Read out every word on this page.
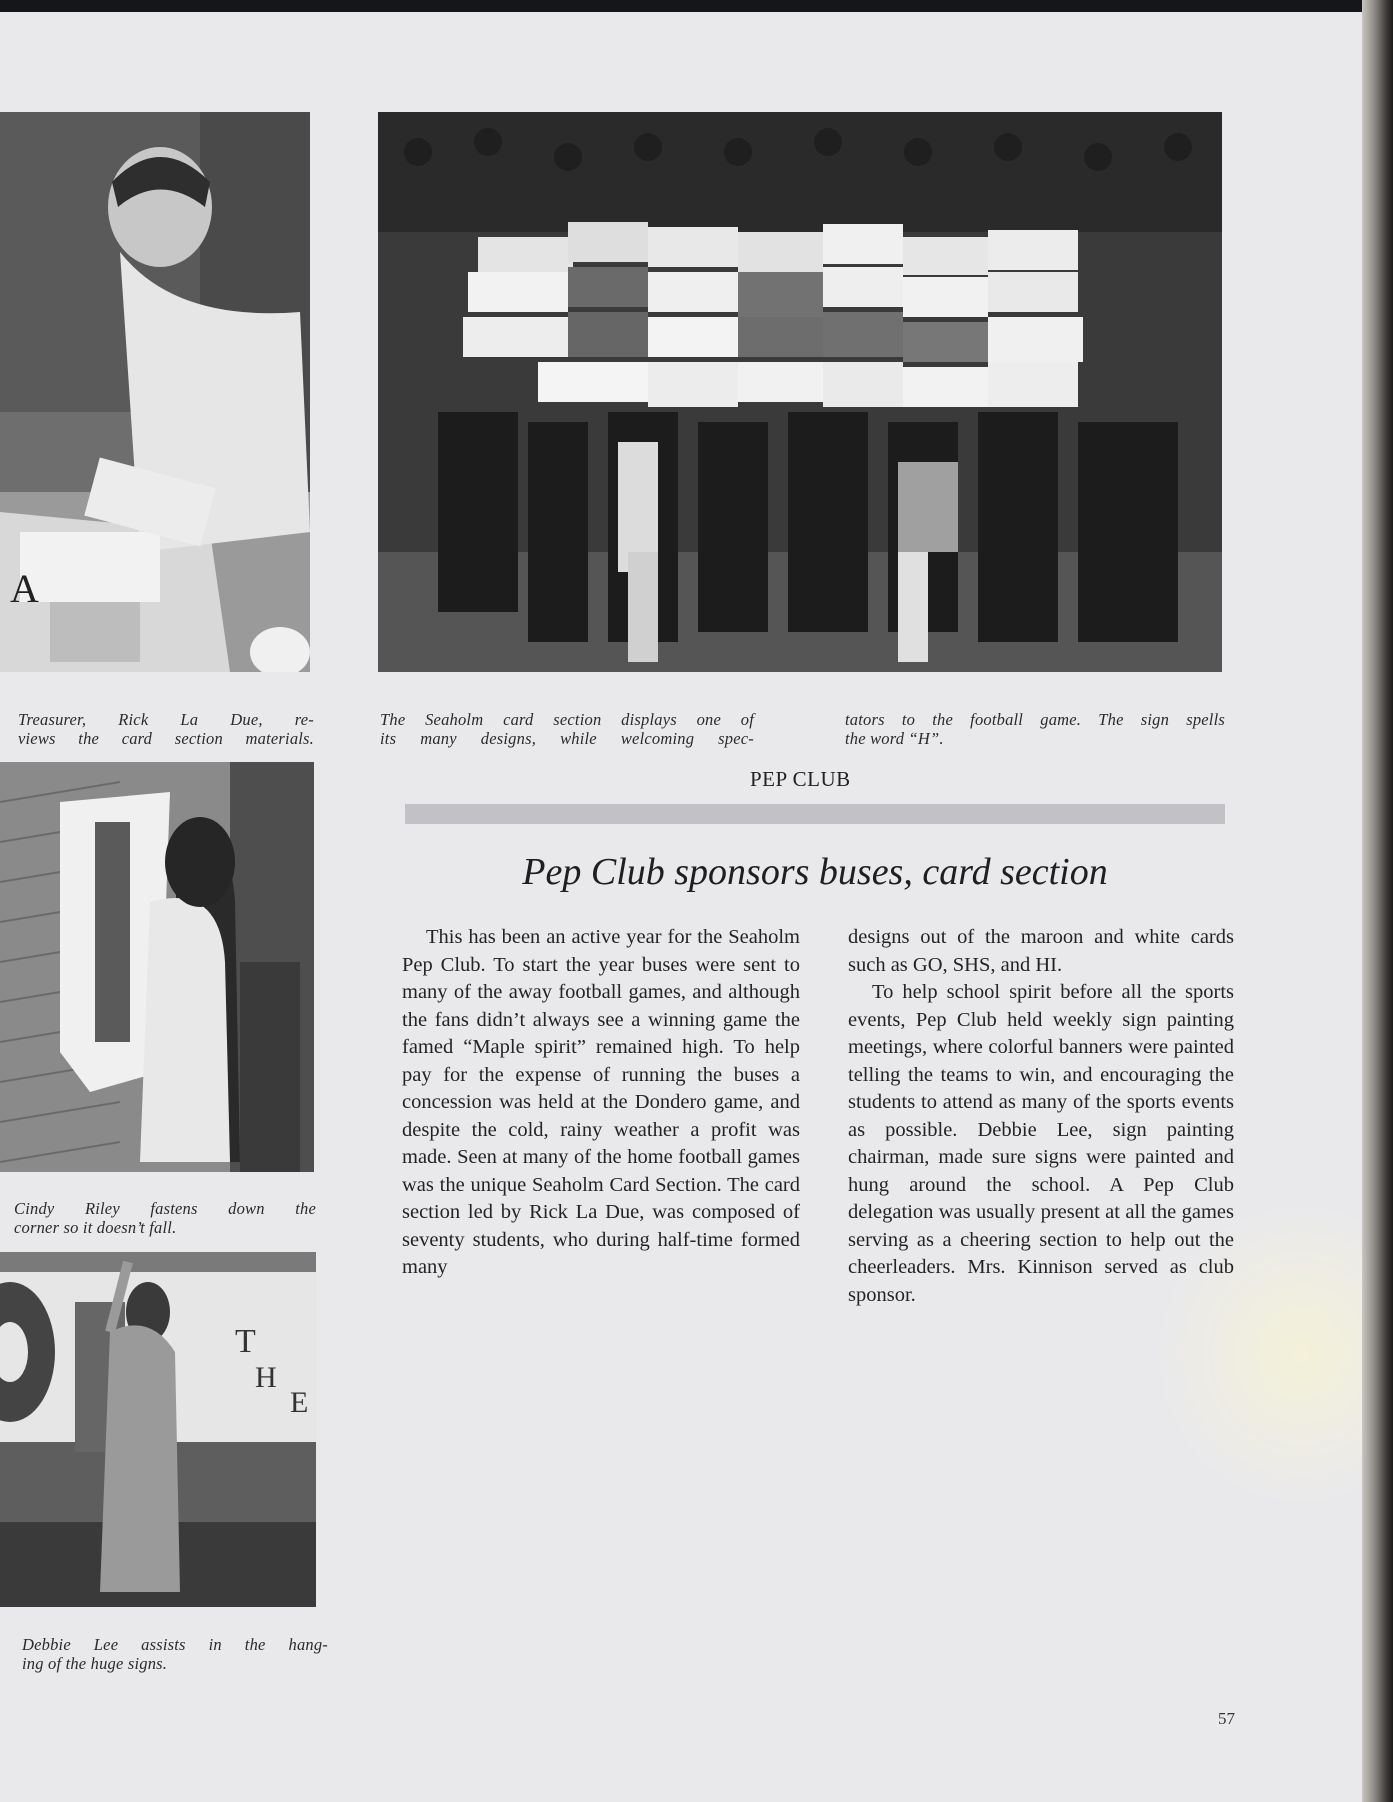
A
Treasurer, Rick La Due, re-
views the card section materials.
The Seaholm card section displays one of
its many designs, while welcoming spec-
tators to the football game. The sign spells
the word “H”.
PEP CLUB
Pep Club sponsors buses, card section
Cindy Riley fastens down the
corner so it doesn’t fall.
T
H
E
Debbie Lee assists in the hang-
ing of the huge signs.

This has been an active year for the Seaholm Pep Club. To start the year buses were sent to many of the away football games, and although the fans didn’t always see a winning game the famed “Maple spirit” remained high. To help pay for the expense of running the buses a concession was held at the Dondero game, and despite the cold, rainy weather a profit was made. Seen at many of the home football games was the unique Seaholm Card Section. The card section led by Rick La Due, was composed of seventy students, who during half-time formed many

designs out of the maroon and white cards such as GO, SHS, and HI.

To help school spirit before all the sports events, Pep Club held weekly sign painting meetings, where colorful banners were painted telling the teams to win, and encouraging the students to attend as many of the sports events as possible. Debbie Lee, sign painting chairman, made sure signs were painted and hung around the school. A Pep Club delegation was usually present at all the games serving as a cheering section to help out the cheerleaders. Mrs. Kinnison served as club sponsor.

57
